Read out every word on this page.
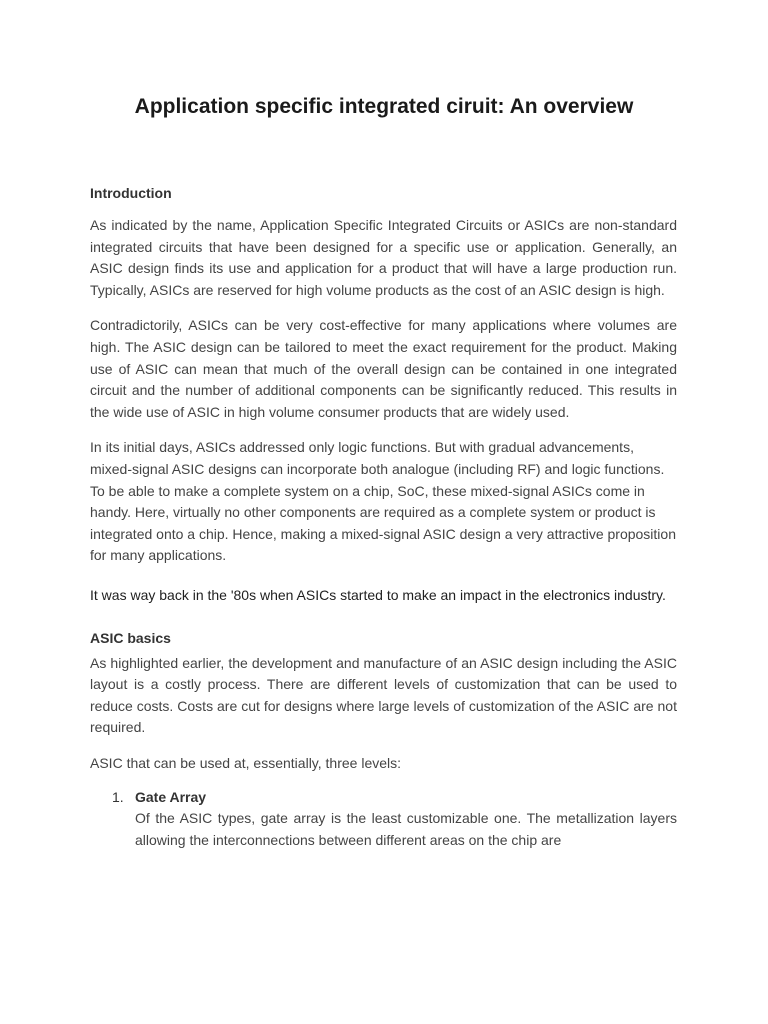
Application specific integrated ciruit: An overview
Introduction

As indicated by the name, Application Specific Integrated Circuits or ASICs are non-standard integrated circuits that have been designed for a specific use or application. Generally, an ASIC design finds its use and application for a product that will have a large production run. Typically, ASICs are reserved for high volume products as the cost of an ASIC design is high.

Contradictorily, ASICs can be very cost-effective for many applications where volumes are high. The ASIC design can be tailored to meet the exact requirement for the product. Making use of ASIC can mean that much of the overall design can be contained in one integrated circuit and the number of additional components can be significantly reduced. This results in the wide use of ASIC in high volume consumer products that are widely used.

In its initial days, ASICs addressed only logic functions. But with gradual advancements, mixed-signal ASIC designs can incorporate both analogue (including RF) and logic functions. To be able to make a complete system on a chip, SoC, these mixed-signal ASICs come in handy. Here, virtually no other components are required as a complete system or product is integrated onto a chip. Hence, making a mixed-signal ASIC design a very attractive proposition for many applications.

It was way back in the '80s when ASICs started to make an impact in the electronics industry.

ASIC basics

As highlighted earlier, the development and manufacture of an ASIC design including the ASIC layout is a costly process. There are different levels of customization that can be used to reduce costs. Costs are cut for designs where large levels of customization of the ASIC are not required.

ASIC that can be used at, essentially, three levels:

1. Gate Array

Of the ASIC types, gate array is the least customizable one. The metallization layers allowing the interconnections between different areas on the chip are
